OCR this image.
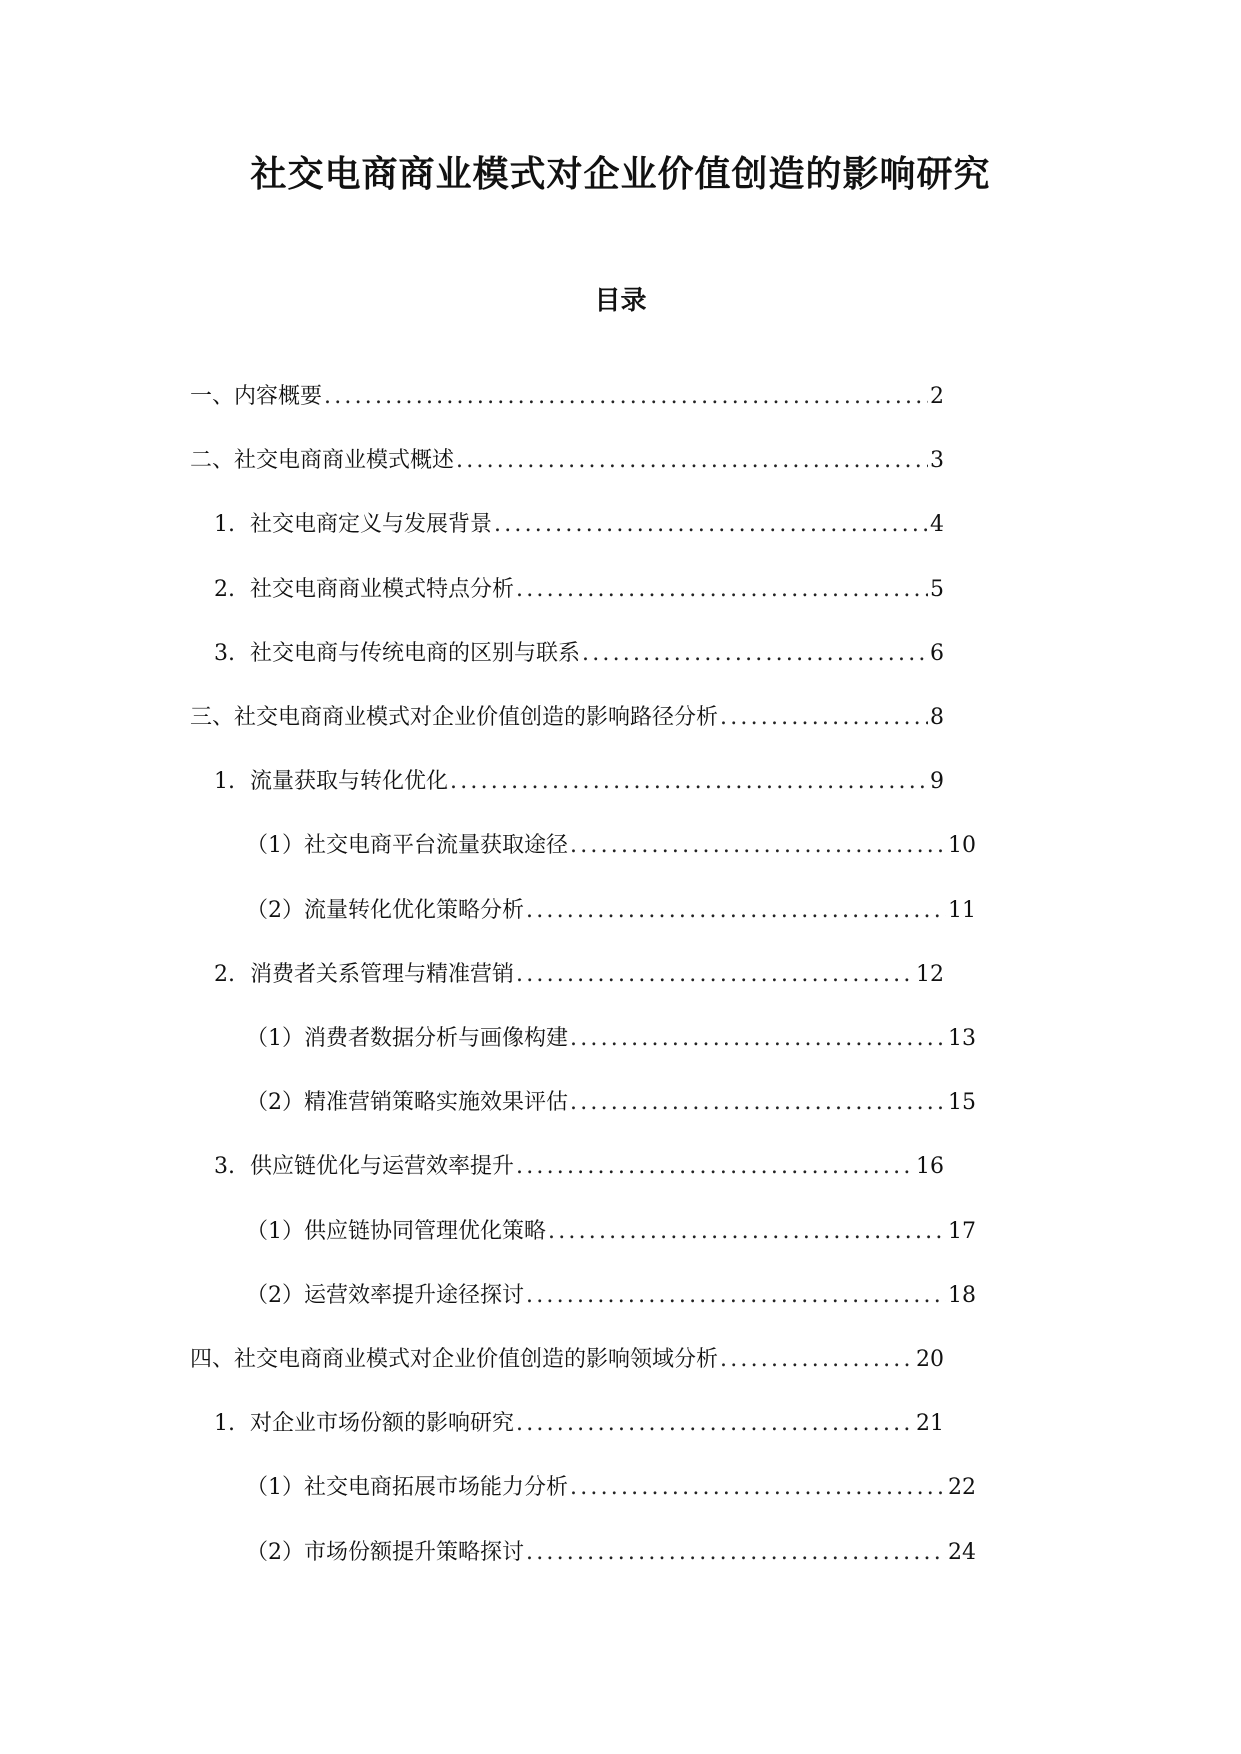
社交电商商业模式对企业价值创造的影响研究
目录
一、内容概要 .....	2
二、社交电商商业模式概述 .....	3
1. 社交电商定义与发展背景 .....	4
2. 社交电商商业模式特点分析 .....	5
3. 社交电商与传统电商的区别与联系 .....	6
三、社交电商商业模式对企业价值创造的影响路径分析 .....	8
1. 流量获取与转化优化 .....	9
（1）社交电商平台流量获取途径 .....	10
（2）流量转化优化策略分析 .....	11
2. 消费者关系管理与精准营销 .....	12
（1）消费者数据分析与画像构建 .....	13
（2）精准营销策略实施效果评估 .....	15
3. 供应链优化与运营效率提升 .....	16
（1）供应链协同管理优化策略 .....	17
（2）运营效率提升途径探讨 .....	18
四、社交电商商业模式对企业价值创造的影响领域分析 .....	20
1. 对企业市场份额的影响研究 .....	21
（1）社交电商拓展市场能力分析 .....	22
（2）市场份额提升策略探讨 .....	24
